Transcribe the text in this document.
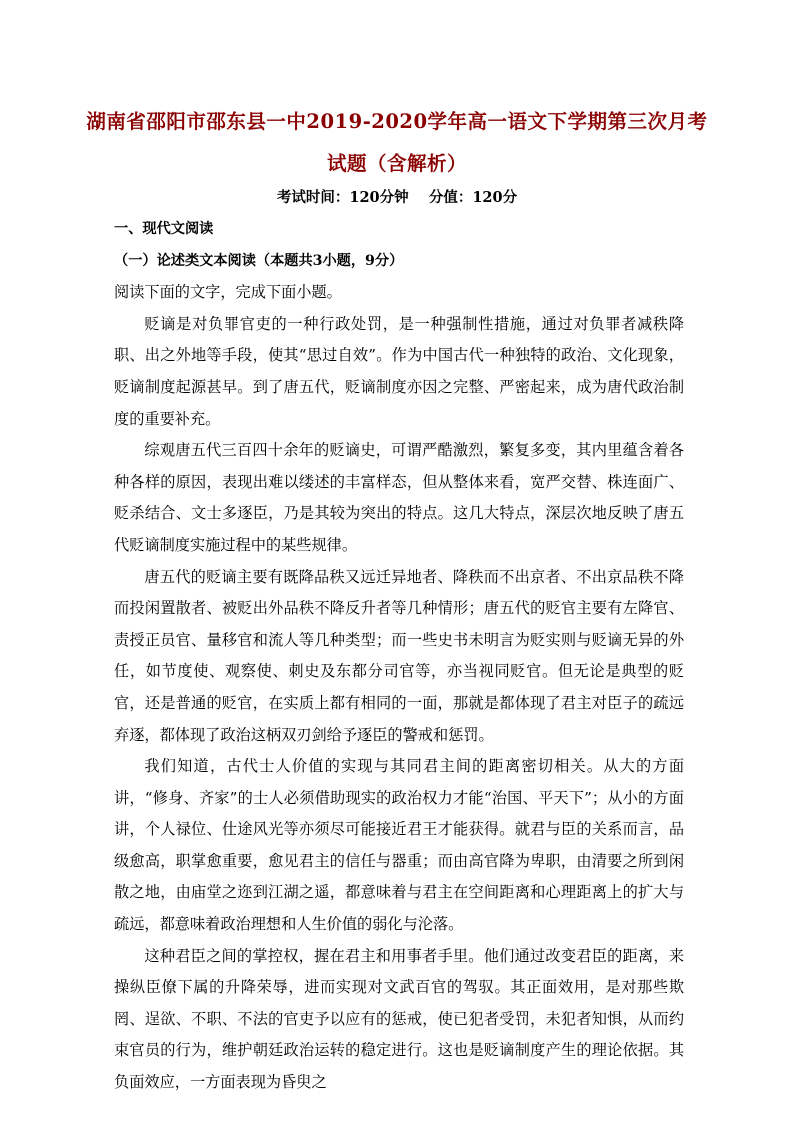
湖南省邵阳市邵东县一中2019-2020学年高一语文下学期第三次月考
试题（含解析）
考试时间：120分钟    分值：120分

一、现代文阅读

（一）论述类文本阅读（本题共3小题，9分）

阅读下面的文字，完成下面小题。

贬谪是对负罪官吏的一种行政处罚，是一种强制性措施，通过对负罪者减秩降职、出之外地等手段，使其“思过自效”。作为中国古代一种独特的政治、文化现象，贬谪制度起源甚早。到了唐五代，贬谪制度亦因之完整、严密起来，成为唐代政治制度的重要补充。

综观唐五代三百四十余年的贬谪史，可谓严酷激烈，繁复多变，其内里蕴含着各种各样的原因，表现出难以缕述的丰富样态，但从整体来看，宽严交替、株连面广、贬杀结合、文士多逐臣，乃是其较为突出的特点。这几大特点，深层次地反映了唐五代贬谪制度实施过程中的某些规律。

唐五代的贬谪主要有既降品秩又远迁异地者、降秩而不出京者、不出京品秩不降而投闲置散者、被贬出外品秩不降反升者等几种情形；唐五代的贬官主要有左降官、责授正员官、量移官和流人等几种类型；而一些史书未明言为贬实则与贬谪无异的外任，如节度使、观察使、刺史及东都分司官等，亦当视同贬官。但无论是典型的贬官，还是普通的贬官，在实质上都有相同的一面，那就是都体现了君主对臣子的疏远弃逐，都体现了政治这柄双刃剑给予逐臣的警戒和惩罚。

我们知道，古代士人价值的实现与其同君主间的距离密切相关。从大的方面讲，“修身、齐家”的士人必须借助现实的政治权力才能“治国、平天下”；从小的方面讲，个人禄位、仕途风光等亦须尽可能接近君王才能获得。就君与臣的关系而言，品级愈高，职掌愈重要，愈见君主的信任与器重；而由高官降为卑职，由清要之所到闲散之地，由庙堂之迩到江湖之遥，都意味着与君主在空间距离和心理距离上的扩大与疏远，都意味着政治理想和人生价值的弱化与沦落。

这种君臣之间的掌控权，握在君主和用事者手里。他们通过改变君臣的距离，来操纵臣僚下属的升降荣辱，进而实现对文武百官的驾驭。其正面效用，是对那些欺罔、逞欲、不职、不法的官吏予以应有的惩戒，使已犯者受罚，未犯者知惧，从而约束官员的行为，维护朝廷政治运转的稳定进行。这也是贬谪制度产生的理论依据。其负面效应，一方面表现为昏臾之
